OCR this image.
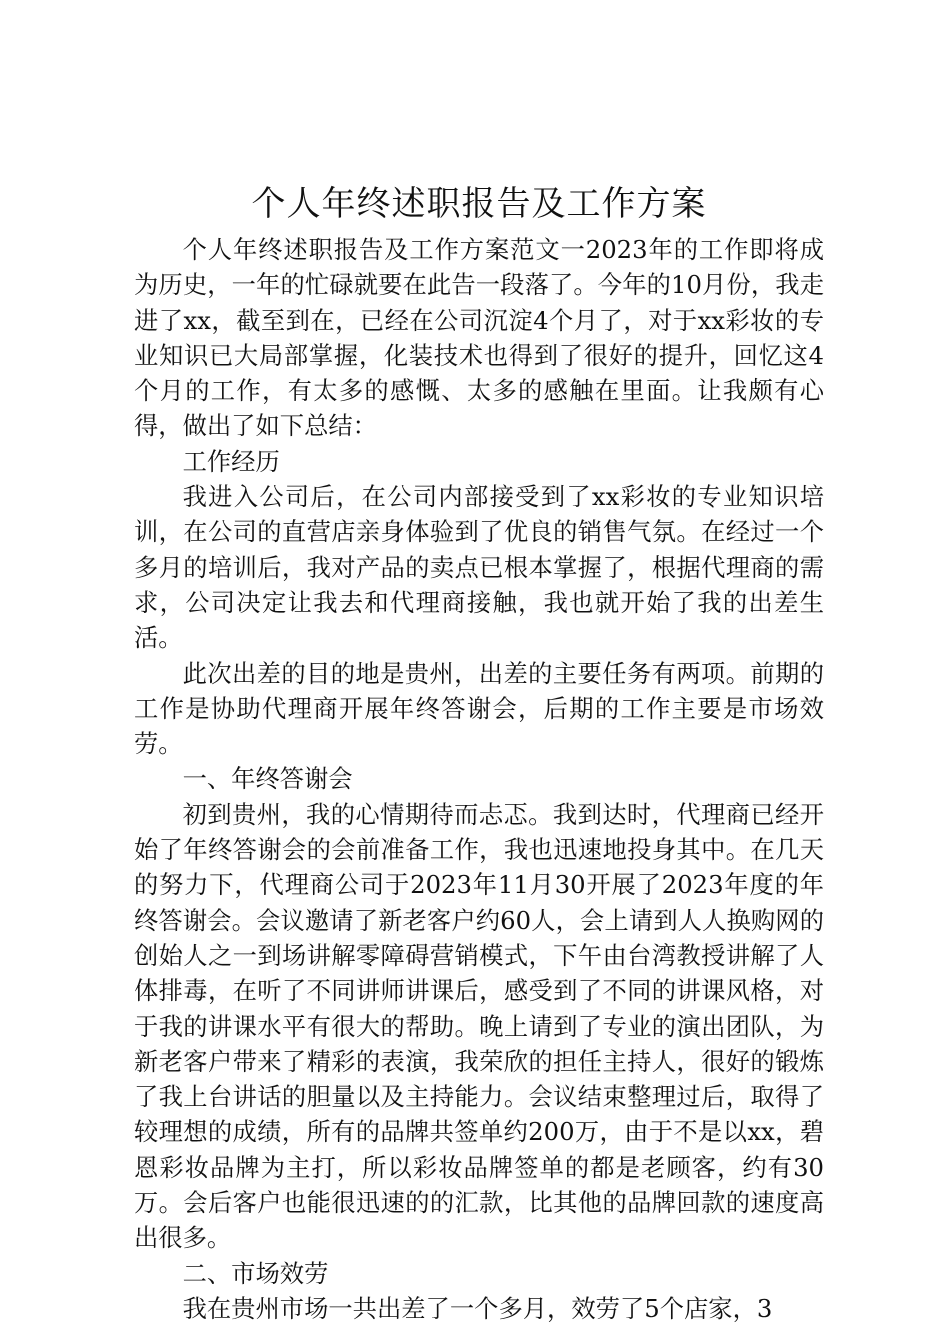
个人年终述职报告及工作方案

个人年终述职报告及工作方案范文一2023年的工作即将成为历史，一年的忙碌就要在此告一段落了。今年的10月份，我走进了xx，截至到在，已经在公司沉淀4个月了，对于xx彩妆的专业知识已大局部掌握，化装技术也得到了很好的提升，回忆这4个月的工作，有太多的感慨、太多的感触在里面。让我颇有心得，做出了如下总结：

工作经历

我进入公司后，在公司内部接受到了xx彩妆的专业知识培训，在公司的直营店亲身体验到了优良的销售气氛。在经过一个多月的培训后，我对产品的卖点已根本掌握了，根据代理商的需求，公司决定让我去和代理商接触，我也就开始了我的出差生活。

此次出差的目的地是贵州，出差的主要任务有两项。前期的工作是协助代理商开展年终答谢会，后期的工作主要是市场效劳。

一、年终答谢会

初到贵州，我的心情期待而忐忑。我到达时，代理商已经开始了年终答谢会的会前准备工作，我也迅速地投身其中。在几天的努力下，代理商公司于2023年11月30开展了2023年度的年终答谢会。会议邀请了新老客户约60人，会上请到人人换购网的创始人之一到场讲解零障碍营销模式，下午由台湾教授讲解了人体排毒，在听了不同讲师讲课后，感受到了不同的讲课风格，对于我的讲课水平有很大的帮助。晚上请到了专业的演出团队，为新老客户带来了精彩的表演，我荣欣的担任主持人，很好的锻炼了我上台讲话的胆量以及主持能力。会议结束整理过后，取得了较理想的成绩，所有的品牌共签单约200万，由于不是以xx，碧恩彩妆品牌为主打，所以彩妆品牌签单的都是老顾客，约有30万。会后客户也能很迅速的的汇款，比其他的品牌回款的速度高出很多。

二、市场效劳

我在贵州市场一共出差了一个多月，效劳了5个店家，3
